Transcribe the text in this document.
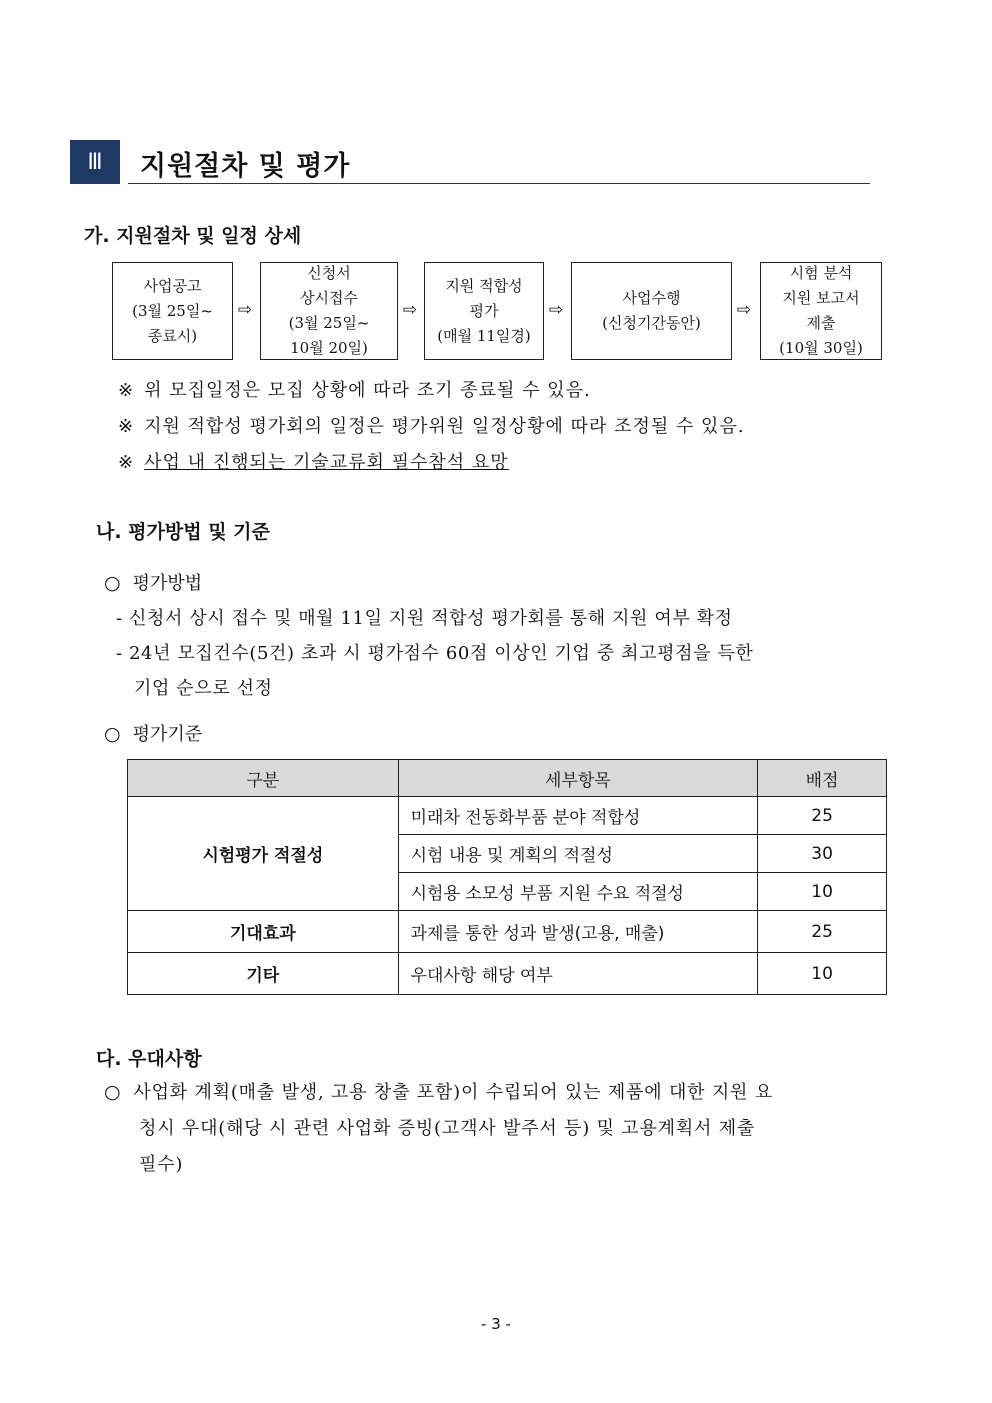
Ⅲ	지원절차 및 평가
가. 지원절차 및 일정 상세
사업공고
(3월 25일~
종료시)
⇨
신청서
상시접수
(3월 25일~
10월 20일)
⇨
지원 적합성
평가
(매월 11일경)
⇨
사업수행
(신청기간동안)
⇨
시험 분석
지원 보고서
제출
(10월 30일)
※ 위 모집일정은 모집 상황에 따라 조기 종료될 수 있음.
※ 지원 적합성 평가회의 일정은 평가위원 일정상황에 따라 조정될 수 있음.
※ 사업 내 진행되는 기술교류회 필수참석 요망
나. 평가방법 및 기준
○ 평가방법
- 신청서 상시 접수 및 매월 11일 지원 적합성 평가회를 통해 지원 여부 확정
- 24년 모집건수(5건) 초과 시 평가점수 60점 이상인 기업 중 최고평점을 득한
기업 순으로 선정
○ 평가기준
구분	세부항목	배점
시험평가 적절성	미래차 전동화부품 분야 적합성	25
	시험 내용 및 계획의 적절성	30
	시험용 소모성 부품 지원 수요 적절성	10
기대효과	과제를 통한 성과 발생(고용, 매출)	25
기타	우대사항 해당 여부	10
다. 우대사항
○ 사업화 계획(매출 발생, 고용 창출 포함)이 수립되어 있는 제품에 대한 지원 요
청시 우대(해당 시 관련 사업화 증빙(고객사 발주서 등) 및 고용계획서 제출
필수)
- 3 -
